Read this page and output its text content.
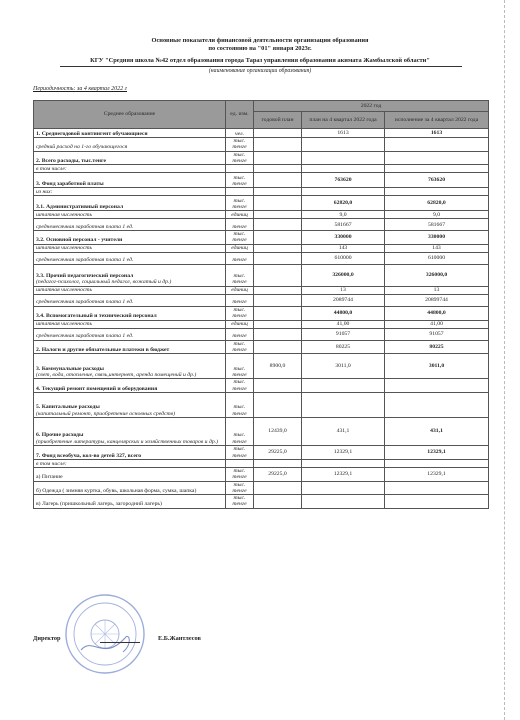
Основные показатели финансовой деятельности организации образования
по состоянию на "01" января 2023г.
КГУ "Средняя школа №42 отдел образования города Тараз управления образования акимата Жамбылской области"
(наименование организации образования)
Периодичность: за 4 квартал 2022 г
Среднее образование	ед. изм.	2022 год		
		годовой план	план на 4 квартал 2022 года	исполнение за 4 квартал 2022 года
1. Среднегодовой контингент обучающиеся	чел.		1613	1613
средний расход на 1-го обучающегося	тыс. тенге			
2. Всего расходы, тыс.тенге	тыс. тенге			
в том числе:				
3. Фонд заработной платы	тыс. тенге		763620	763620
из них:				
3.1. Административный персонал	тыс. тенге		62820,0	62820,0
штатная численность	единиц		9,0	9,0
среднемесячная заработная плата 1 ед.	тенге		581667	581667
3.2. Основной персонал - учители	тыс. тенге		330000	330000
штатная численность	единиц		143	143
среднемесячная заработная плата 1 ед.	тенге		610000	610000
3.3. Прочий педагогический персонал
(педагог-психолог, социальный педагог, вожатый и др.)	тыс. тенге		326000,0	326000,0
штатная численность	единиц		13	13
среднемесячная заработная плата 1 ед.	тенге		2089744	20899744
3.4. Вспомогательный и технический персонал	тыс. тенге		44800,0	44800,0
штатная численность	единиц		41,00	41,00
среднемесячная заработная плата 1 ед.	тенге		91057	91057
2. Налоги и другие обязательные платежи в бюджет	тыс. тенге		80225	80225
3. Коммунальные расходы
(свет, вода, отопление, связь,интернет, аренда помещений и др.)	тыс. тенге	8900,0	3011,0	3011,0
4. Текущий ремонт помещений и оборудования	тыс. тенге			
5. Капитальные расходы
(капитальный ремонт, приобретение основных средств)	тыс. тенге			
6. Прочие расходы
(приобретение литературы, канцелярских и хозяйственных товаров и др.)	тыс. тенге	12439,0	431,1	431,1
7. Фонд всеобуча, кол-во детей 327, всего	тыс. тенге	29225,0	12329,1	12329,1
в том числе:				
а) Питание	тыс. тенге	29225,0	12329,1	12329,1
б) Одежда ( зимняя куртка, обувь, школьная форма, сумка, шапка)	тыс. тенге			
в) Лагерь (пришкольный лагерь, загородний лагерь)	тыс. тенге			
Директор	Е.Б.Жантлесов
